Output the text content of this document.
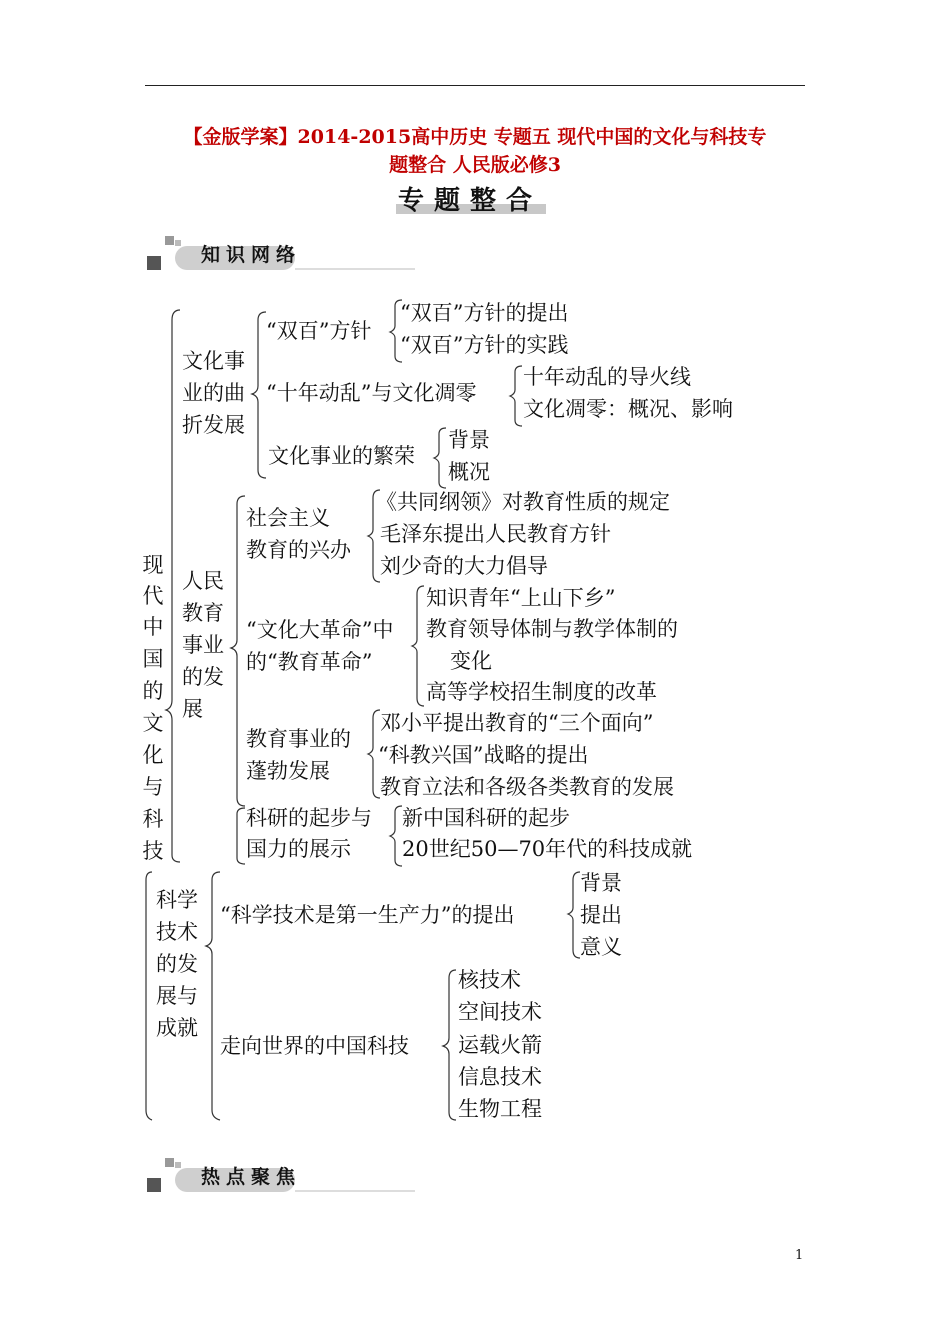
【金版学案】2014-2015高中历史 专题五 现代中国的文化与科技专
题整合 人民版必修3
专题整合
知识网络
现
代
中
国
的
文
化
与
科
技
文化事
业的曲
折发展
“双百”方针
“双百”方针的提出
“双百”方针的实践
“十年动乱”与文化凋零
十年动乱的导火线
文化凋零：概况、影响
文化事业的繁荣
背景
概况
人民
教育
事业
的发
展
社会主义
教育的兴办
《共同纲领》对教育性质的规定
毛泽东提出人民教育方针
刘少奇的大力倡导
“文化大革命”中
的“教育革命”
知识青年“上山下乡”
教育领导体制与教学体制的
变化
高等学校招生制度的改革
教育事业的
蓬勃发展
邓小平提出教育的“三个面向”
“科教兴国”战略的提出
教育立法和各级各类教育的发展
科研的起步与
国力的展示
新中国科研的起步
20世纪50—70年代的科技成就
科学
技术
的发
展与
成就
“科学技术是第一生产力”的提出
背景
提出
意义
走向世界的中国科技
核技术
空间技术
运载火箭
信息技术
生物工程
热点聚焦
1
